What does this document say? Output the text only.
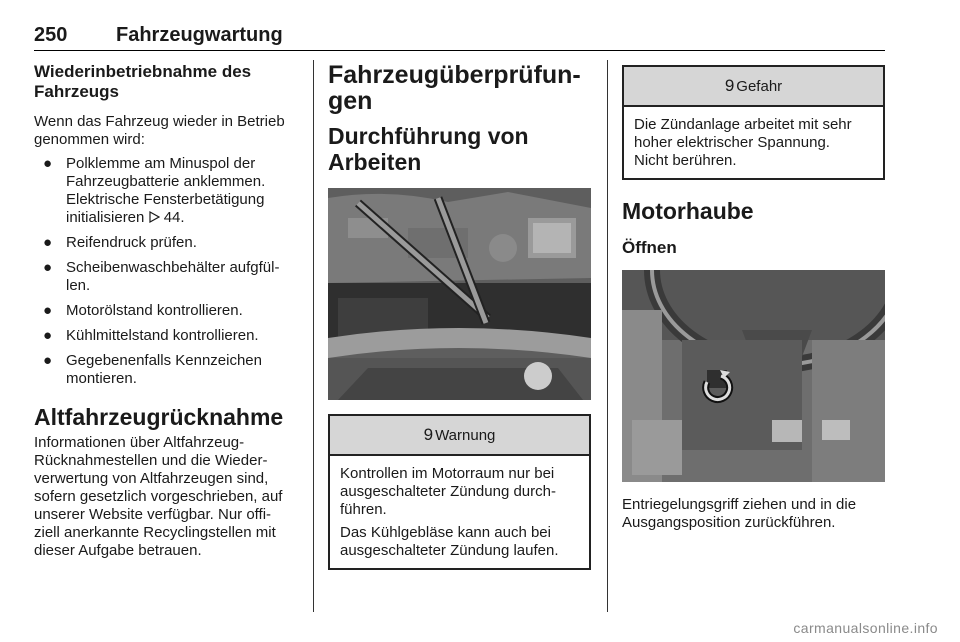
250 Fahrzeugwartung
Wiederinbetriebnahme des
Fahrzeugs

Wenn das Fahrzeug wieder in Betrieb
genommen wird:

● Polklemme am Minuspol der
Fahrzeugbatterie anklemmen.
Elektrische Fensterbetätigung
initialisieren 44.
● Reifendruck prüfen.
● Scheibenwaschbehälter aufgfül-
len.
● Motorölstand kontrollieren.
● Kühlmittelstand kontrollieren.
● Gegebenenfalls Kennzeichen
montieren.
Altfahrzeugrücknahme

Informationen über Altfahrzeug-
Rücknahmestellen und die Wieder-
verwertung von Altfahrzeugen sind,
sofern gesetzlich vorgeschrieben, auf
unserer Website verfügbar. Nur offi-
ziell anerkannte Recyclingstellen mit
dieser Aufgabe betrauen.

Fahrzeugüberprüfun-
gen
Durchführung von Arbeiten
9 Warnung

Kontrollen im Motorraum nur bei
ausgeschalteter Zündung durch-
führen.

Das Kühlgebläse kann auch bei
ausgeschalteter Zündung laufen.

9 Gefahr

Die Zündanlage arbeitet mit sehr
hoher elektrischer Spannung.
Nicht berühren.

Motorhaube
Öffnen

Entriegelungsgriff ziehen und in die
Ausgangsposition zurückführen.

carmanualsonline.info
